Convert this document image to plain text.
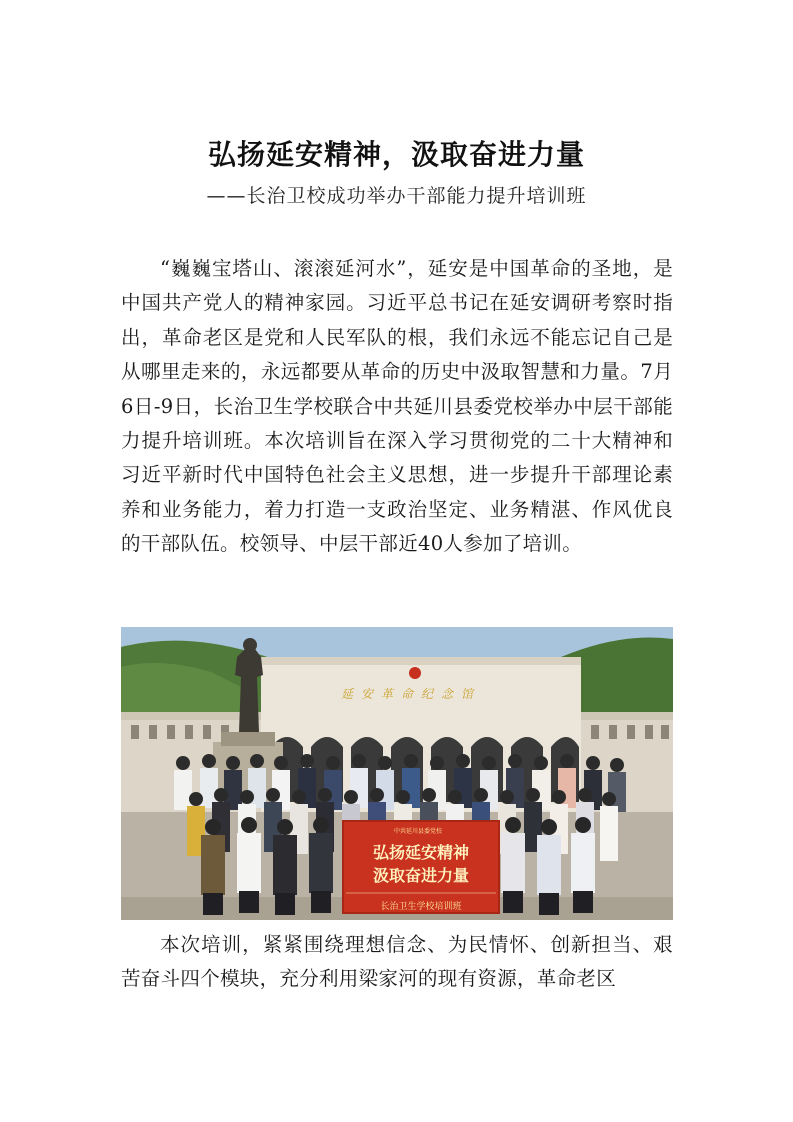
弘扬延安精神，汲取奋进力量
——长治卫校成功举办干部能力提升培训班
“巍巍宝塔山、滚滚延河水”，延安是中国革命的圣地，是中国共产党人的精神家园。习近平总书记在延安调研考察时指出，革命老区是党和人民军队的根，我们永远不能忘记自己是从哪里走来的，永远都要从革命的历史中汲取智慧和力量。7月6日-9日，长治卫生学校联合中共延川县委党校举办中层干部能力提升培训班。本次培训旨在深入学习贯彻党的二十大精神和习近平新时代中国特色社会主义思想，进一步提升干部理论素养和业务能力，着力打造一支政治坚定、业务精湛、作风优良的干部队伍。校领导、中层干部近40人参加了培训。
延安革命纪念馆
中共延川县委党校
弘扬延安精神
汲取奋进力量
长治卫生学校培训班
本次培训，紧紧围绕理想信念、为民情怀、创新担当、艰苦奋斗四个模块，充分利用梁家河的现有资源，革命老区
